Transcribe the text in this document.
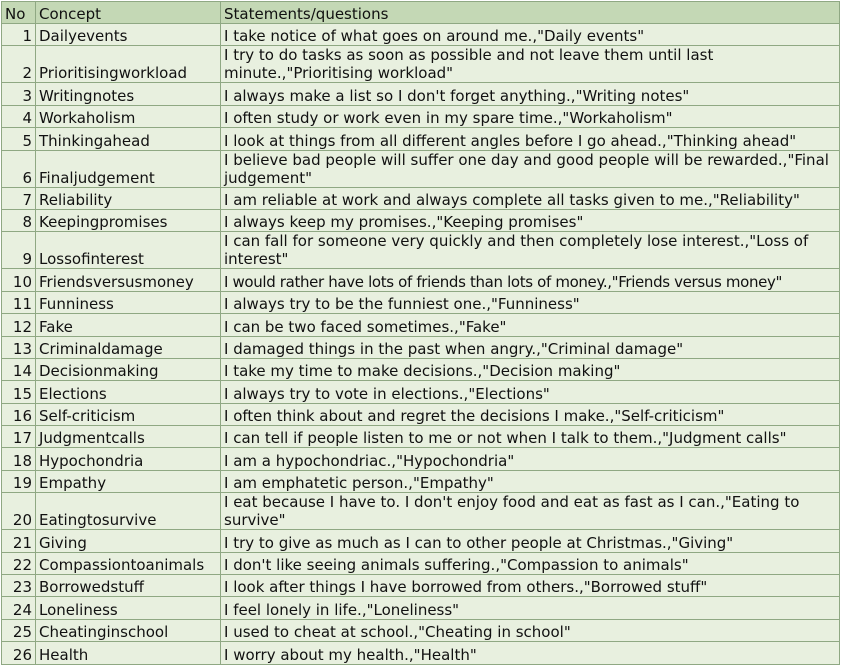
No	Concept	Statements/questions
1	Dailyevents	I take notice of what goes on around me.,"Daily events"
2	Prioritisingworkload	I try to do tasks as soon as possible and not leave them until last minute.,"Prioritising workload"
3	Writingnotes	I always make a list so I don't forget anything.,"Writing notes"
4	Workaholism	I often study or work even in my spare time.,"Workaholism"
5	Thinkingahead	I look at things from all different angles before I go ahead.,"Thinking ahead"
6	Finaljudgement	I believe bad people will suffer one day and good people will be rewarded.,"Final judgement"
7	Reliability	I am reliable at work and always complete all tasks given to me.,"Reliability"
8	Keepingpromises	I always keep my promises.,"Keeping promises"
9	Lossofinterest	I can fall for someone very quickly and then completely lose interest.,"Loss of interest"
10	Friendsversusmoney	I would rather have lots of friends than lots of money.,"Friends versus money"
11	Funniness	I always try to be the funniest one.,"Funniness"
12	Fake	I can be two faced sometimes.,"Fake"
13	Criminaldamage	I damaged things in the past when angry.,"Criminal damage"
14	Decisionmaking	I take my time to make decisions.,"Decision making"
15	Elections	I always try to vote in elections.,"Elections"
16	Self-criticism	I often think about and regret the decisions I make.,"Self-criticism"
17	Judgmentcalls	I can tell if people listen to me or not when I talk to them.,"Judgment calls"
18	Hypochondria	I am a hypochondriac.,"Hypochondria"
19	Empathy	I am emphatetic person.,"Empathy"
20	Eatingtosurvive	I eat because I have to. I don't enjoy food and eat as fast as I can.,"Eating to survive"
21	Giving	I try to give as much as I can to other people at Christmas.,"Giving"
22	Compassiontoanimals	I don't like seeing animals suffering.,"Compassion to animals"
23	Borrowedstuff	I look after things I have borrowed from others.,"Borrowed stuff"
24	Loneliness	I feel lonely in life.,"Loneliness"
25	Cheatinginschool	I used to cheat at school.,"Cheating in school"
26	Health	I worry about my health.,"Health"
